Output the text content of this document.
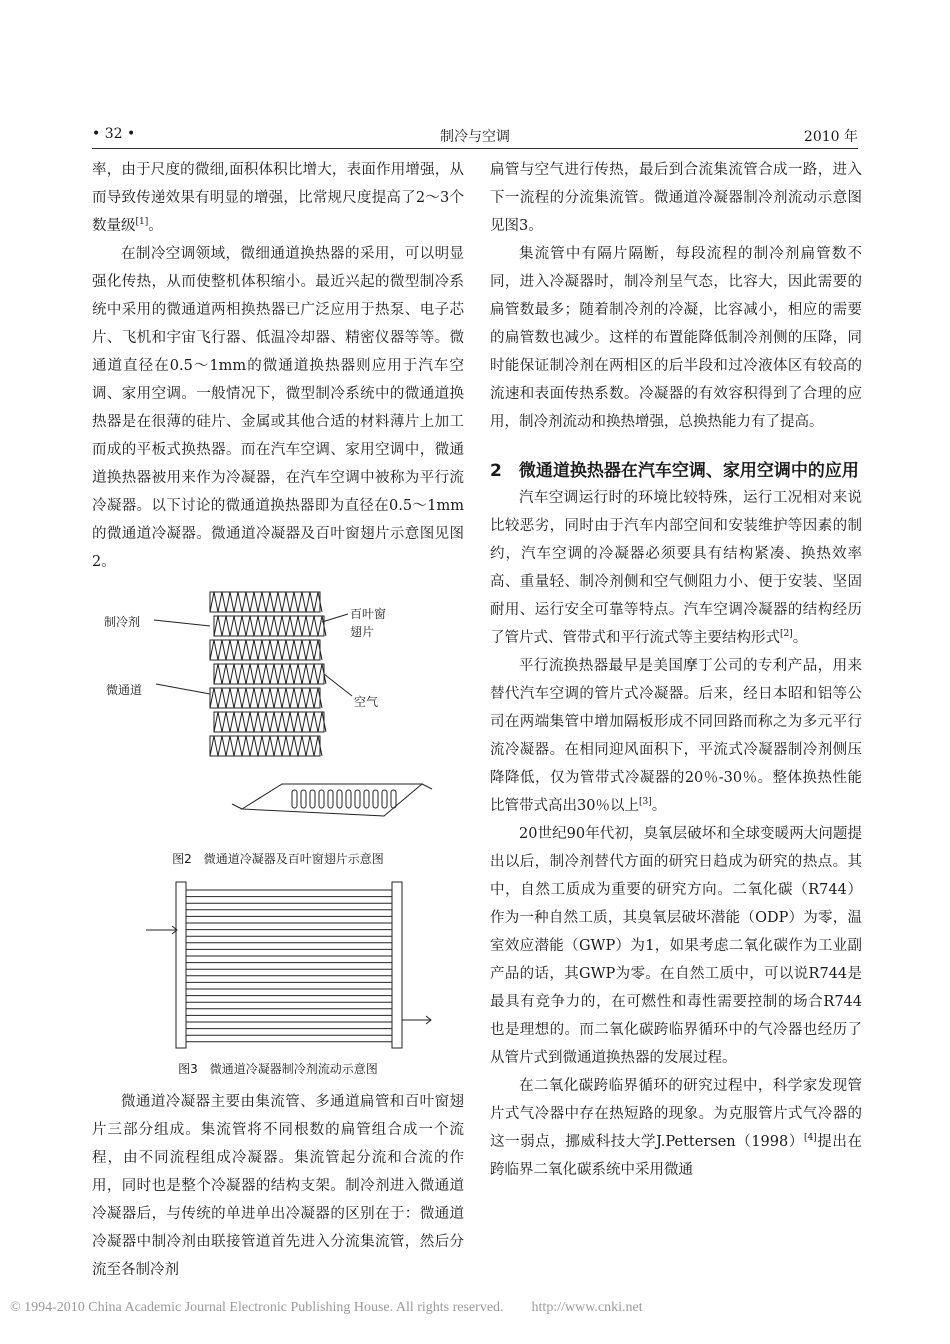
• 32 •	制冷与空调	2010 年

率，由于尺度的微细,面积体积比增大，表面作用增强，从而导致传递效果有明显的增强，比常规尺度提高了2～3个数量级[1]。

在制冷空调领域，微细通道换热器的采用，可以明显强化传热，从而使整机体积缩小。最近兴起的微型制冷系统中采用的微通道两相换热器已广泛应用于热泵、电子芯片、飞机和宇宙飞行器、低温冷却器、精密仪器等等。微通道直径在0.5～1mm的微通道换热器则应用于汽车空调、家用空调。一般情况下，微型制冷系统中的微通道换热器是在很薄的硅片、金属或其他合适的材料薄片上加工而成的平板式换热器。而在汽车空调、家用空调中，微通道换热器被用来作为冷凝器，在汽车空调中被称为平行流冷凝器。以下讨论的微通道换热器即为直径在0.5～1mm的微通道冷凝器。微通道冷凝器及百叶窗翅片示意图见图2。

制冷剂
微通道
百叶窗
翅片
空气
图2　微通道冷凝器及百叶窗翅片示意图
图3　微通道冷凝器制冷剂流动示意图

微通道冷凝器主要由集流管、多通道扁管和百叶窗翅片三部分组成。集流管将不同根数的扁管组合成一个流程，由不同流程组成冷凝器。集流管起分流和合流的作用，同时也是整个冷凝器的结构支架。制冷剂进入微通道冷凝器后，与传统的单进单出冷凝器的区别在于：微通道冷凝器中制冷剂由联接管道首先进入分流集流管，然后分流至各制冷剂

扁管与空气进行传热，最后到合流集流管合成一路，进入下一流程的分流集流管。微通道冷凝器制冷剂流动示意图见图3。

集流管中有隔片隔断，每段流程的制冷剂扁管数不同，进入冷凝器时，制冷剂呈气态，比容大，因此需要的扁管数最多；随着制冷剂的冷凝，比容减小，相应的需要的扁管数也减少。这样的布置能降低制冷剂侧的压降，同时能保证制冷剂在两相区的后半段和过冷液体区有较高的流速和表面传热系数。冷凝器的有效容积得到了合理的应用，制冷剂流动和换热增强，总换热能力有了提高。

2　微通道换热器在汽车空调、家用空调中的应用

汽车空调运行时的环境比较特殊，运行工况相对来说比较恶劣，同时由于汽车内部空间和安装维护等因素的制约，汽车空调的冷凝器必须要具有结构紧凑、换热效率高、重量轻、制冷剂侧和空气侧阻力小、便于安装、坚固耐用、运行安全可靠等特点。汽车空调冷凝器的结构经历了管片式、管带式和平行流式等主要结构形式[2]。

平行流换热器最早是美国摩丁公司的专利产品，用来替代汽车空调的管片式冷凝器。后来，经日本昭和铝等公司在两端集管中增加隔板形成不同回路而称之为多元平行流冷凝器。在相同迎风面积下，平流式冷凝器制冷剂侧压降降低，仅为管带式冷凝器的20％-30％。整体换热性能比管带式高出30％以上[3]。

20世纪90年代初，臭氧层破坏和全球变暖两大问题提出以后，制冷剂替代方面的研究日趋成为研究的热点。其中，自然工质成为重要的研究方向。二氧化碳（R744）作为一种自然工质，其臭氧层破坏潜能（ODP）为零，温室效应潜能（GWP）为1，如果考虑二氧化碳作为工业副产品的话，其GWP为零。在自然工质中，可以说R744是最具有竞争力的，在可燃性和毒性需要控制的场合R744也是理想的。而二氧化碳跨临界循环中的气冷器也经历了从管片式到微通道换热器的发展过程。

在二氧化碳跨临界循环的研究过程中，科学家发现管片式气冷器中存在热短路的现象。为克服管片式气冷器的这一弱点，挪威科技大学J.Pettersen（1998）[4]提出在跨临界二氧化碳系统中采用微通

© 1994-2010 China Academic Journal Electronic Publishing House. All rights reserved.　　http://www.cnki.net
